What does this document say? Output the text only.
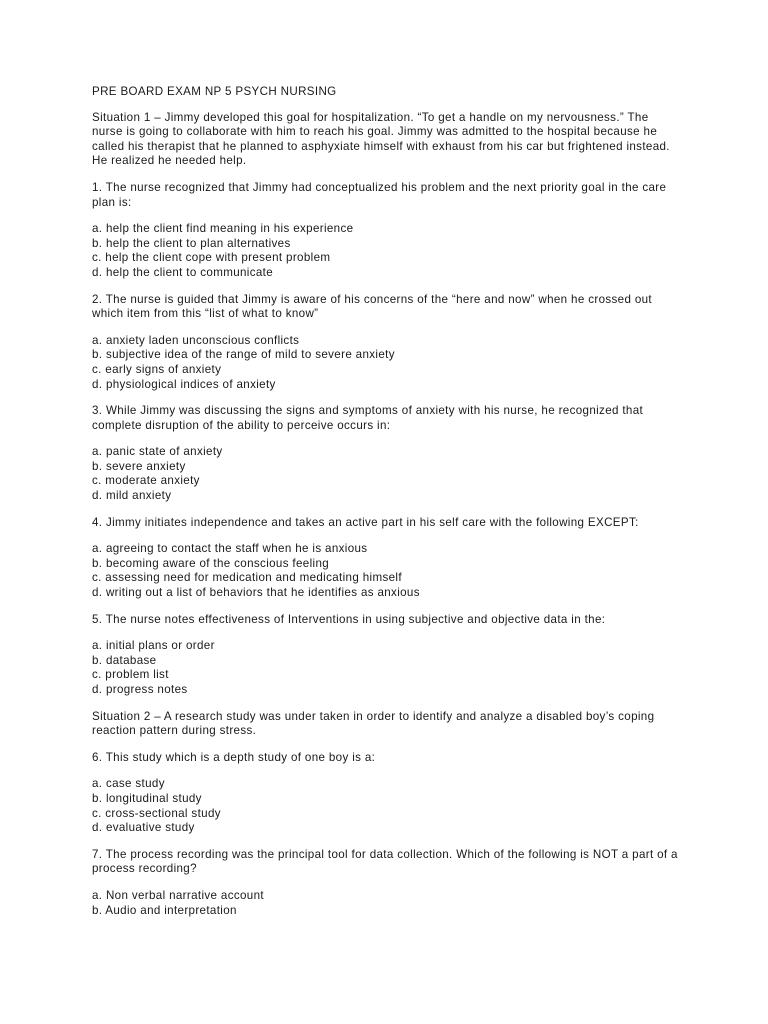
PRE BOARD EXAM NP 5 PSYCH NURSING

Situation 1 – Jimmy developed this goal for hospitalization. “To get a handle on my nervousness.” The nurse is going to collaborate with him to reach his goal. Jimmy was admitted to the hospital because he called his therapist that he planned to asphyxiate himself with exhaust from his car but frightened instead. He realized he needed help.

1. The nurse recognized that Jimmy had conceptualized his problem and the next priority goal in the care plan is:

a. help the client find meaning in his experience
b. help the client to plan alternatives
c. help the client cope with present problem
d. help the client to communicate

2. The nurse is guided that Jimmy is aware of his concerns of the “here and now” when he crossed out which item from this “list of what to know”

a. anxiety laden unconscious conflicts
b. subjective idea of the range of mild to severe anxiety
c. early signs of anxiety
d. physiological indices of anxiety

3. While Jimmy was discussing the signs and symptoms of anxiety with his nurse, he recognized that complete disruption of the ability to perceive occurs in:

a. panic state of anxiety
b. severe anxiety
c. moderate anxiety
d. mild anxiety

4. Jimmy initiates independence and takes an active part in his self care with the following EXCEPT:

a. agreeing to contact the staff when he is anxious
b. becoming aware of the conscious feeling
c. assessing need for medication and medicating himself
d. writing out a list of behaviors that he identifies as anxious

5. The nurse notes effectiveness of Interventions in using subjective and objective data in the:

a. initial plans or order
b. database
c. problem list
d. progress notes

Situation 2 – A research study was under taken in order to identify and analyze a disabled boy’s coping reaction pattern during stress.

6. This study which is a depth study of one boy is a:

a. case study
b. longitudinal study
c. cross-sectional study
d. evaluative study

7. The process recording was the principal tool for data collection. Which of the following is NOT a part of a process recording?

a. Non verbal narrative account
b. Audio and interpretation
